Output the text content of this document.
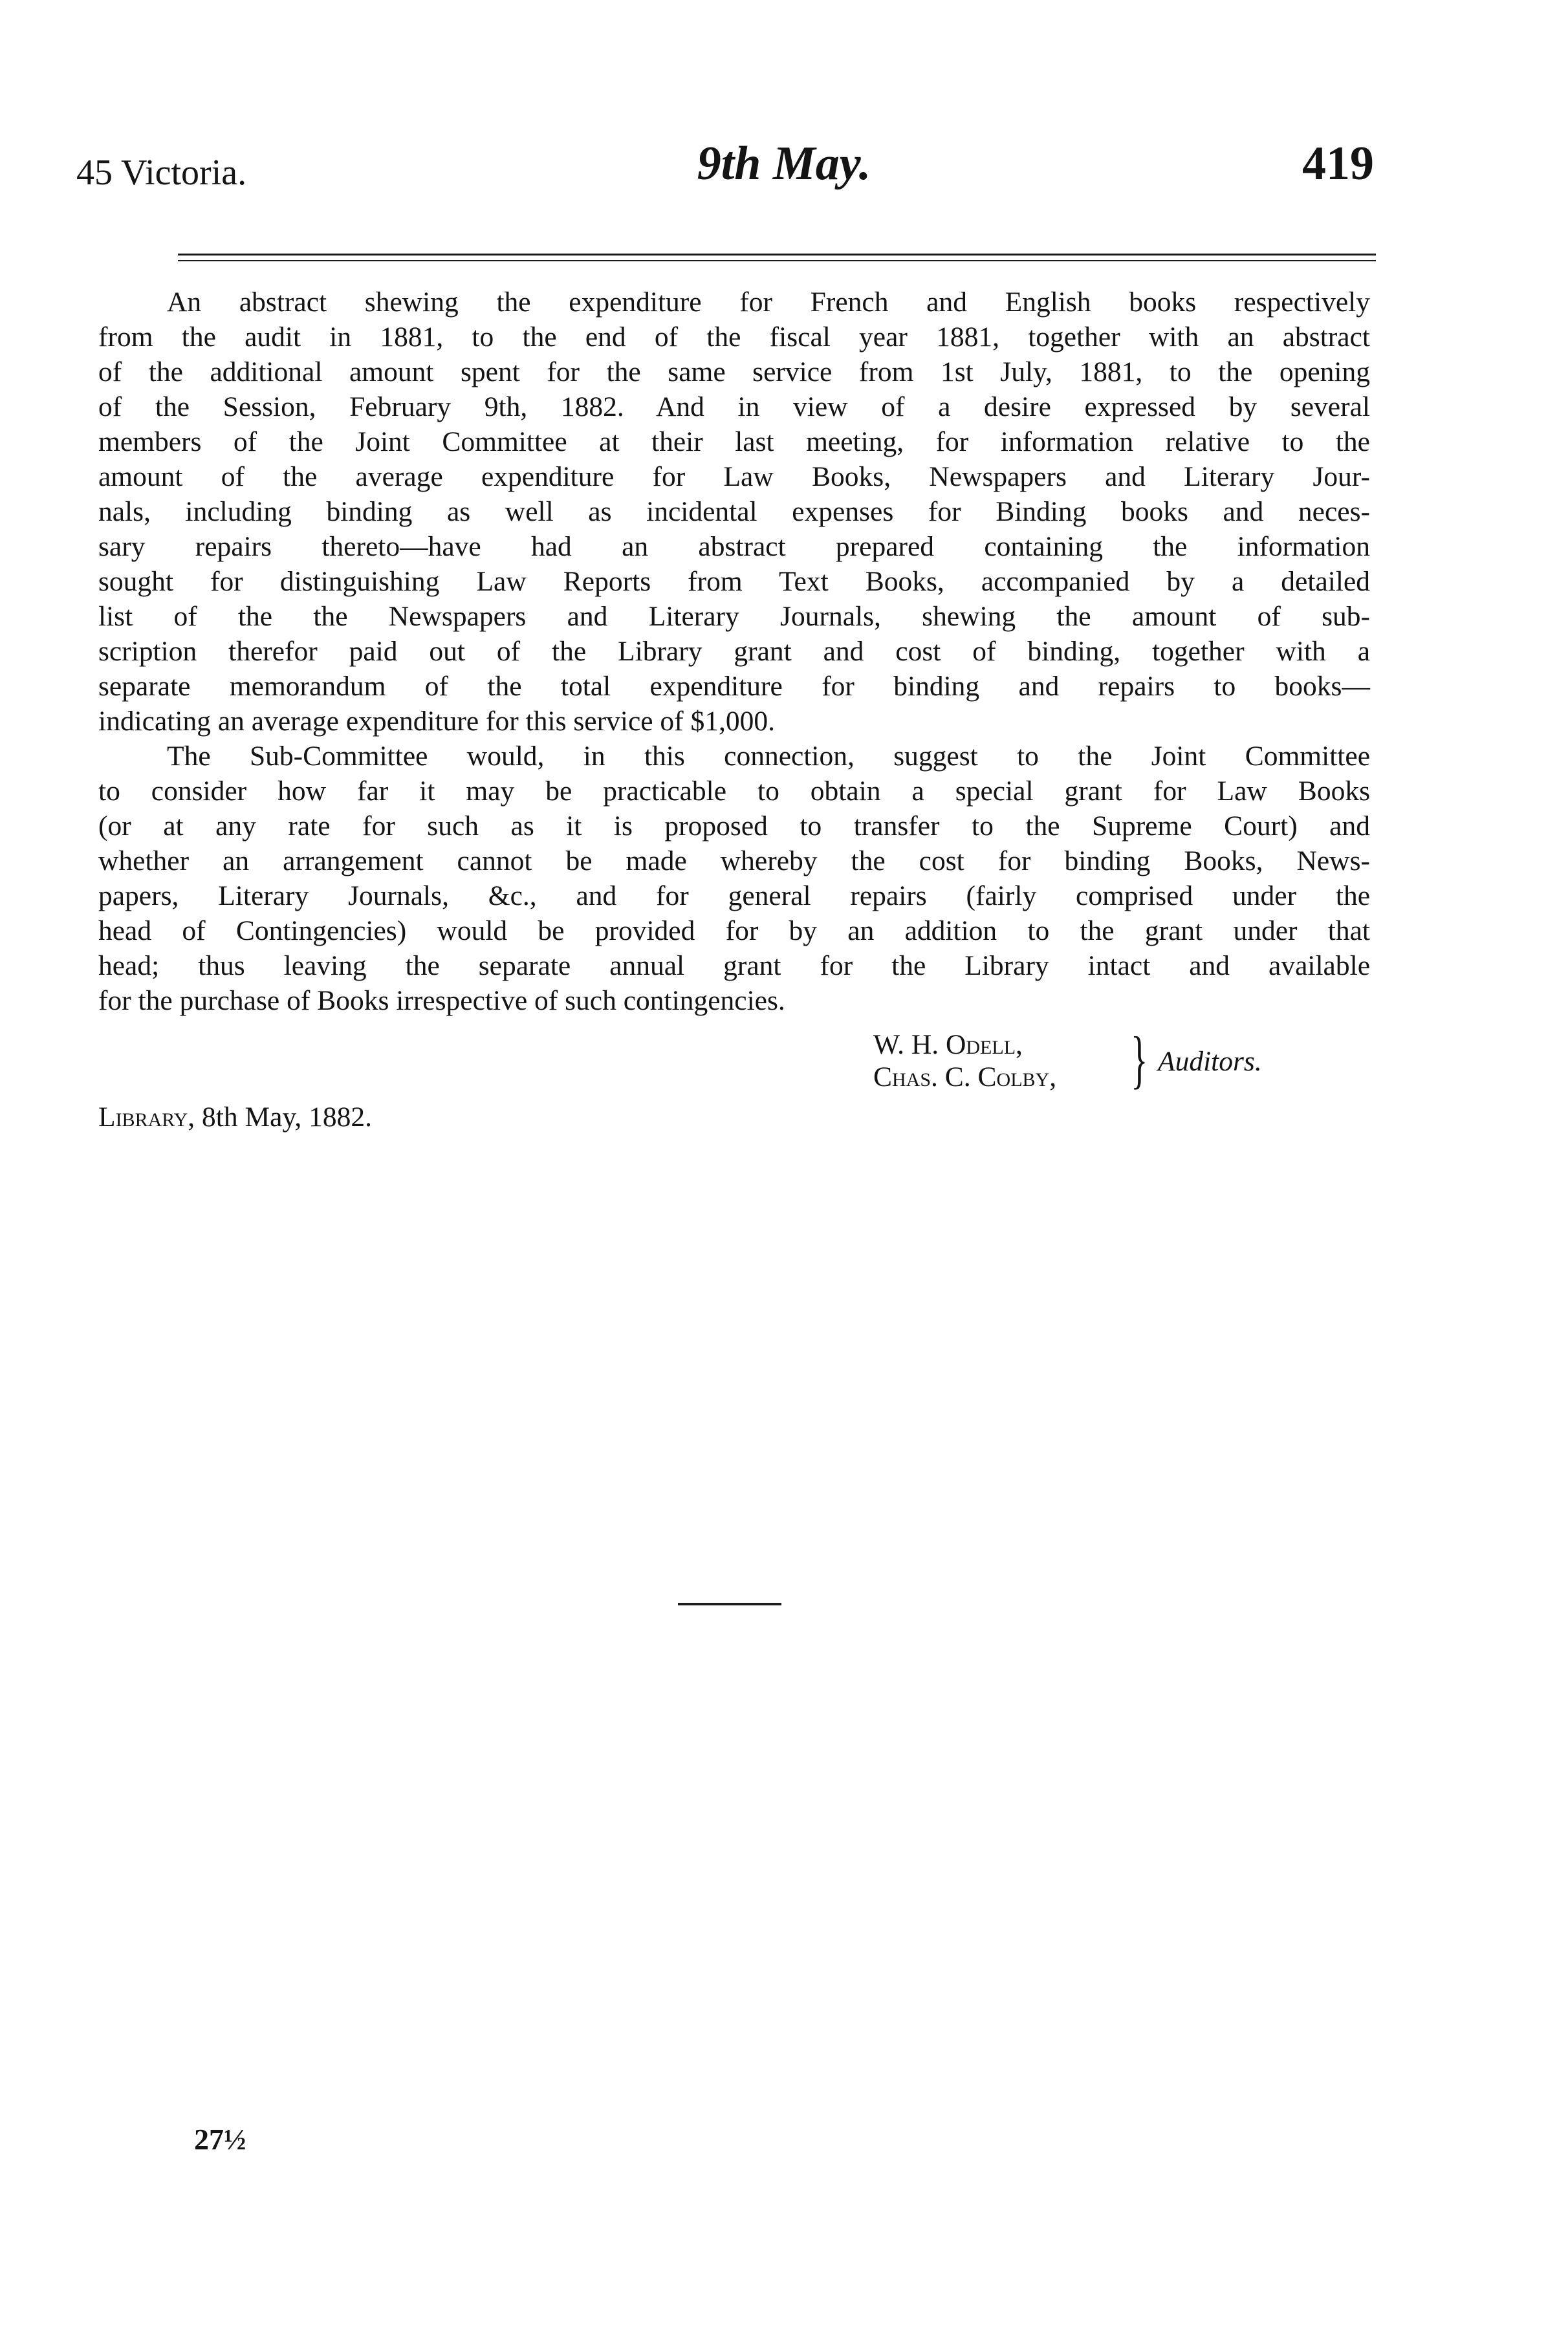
45 Victoria.	9th May.	419
An abstract shewing the expenditure for French and English books respectively
from the audit in 1881, to the end of the fiscal year 1881, together with an abstract
of the additional amount spent for the same service from 1st July, 1881, to the opening
of the Session, February 9th, 1882. And in view of a desire expressed by several
members of the Joint Committee at their last meeting, for information relative to the
amount of the average expenditure for Law Books, Newspapers and Literary Jour-
nals, including binding as well as incidental expenses for Binding books and neces-
sary repairs thereto—have had an abstract prepared containing the information
sought for distinguishing Law Reports from Text Books, accompanied by a detailed
list of the the Newspapers and Literary Journals, shewing the amount of sub-
scription therefor paid out of the Library grant and cost of binding, together with a
separate memorandum of the total expenditure for binding and repairs to books—
indicating an average expenditure for this service of $1,000.
The Sub-Committee would, in this connection, suggest to the Joint Committee
to consider how far it may be practicable to obtain a special grant for Law Books
(or at any rate for such as it is proposed to transfer to the Supreme Court) and
whether an arrangement cannot be made whereby the cost for binding Books, News-
papers, Literary Journals, &c., and for general repairs (fairly comprised under the
head of Contingencies) would be provided for by an addition to the grant under that
head; thus leaving the separate annual grant for the Library intact and available
for the purchase of Books irrespective of such contingencies.
W. H. Odell,
Chas. C. Colby, } Auditors.
Library, 8th May, 1882.
27½
